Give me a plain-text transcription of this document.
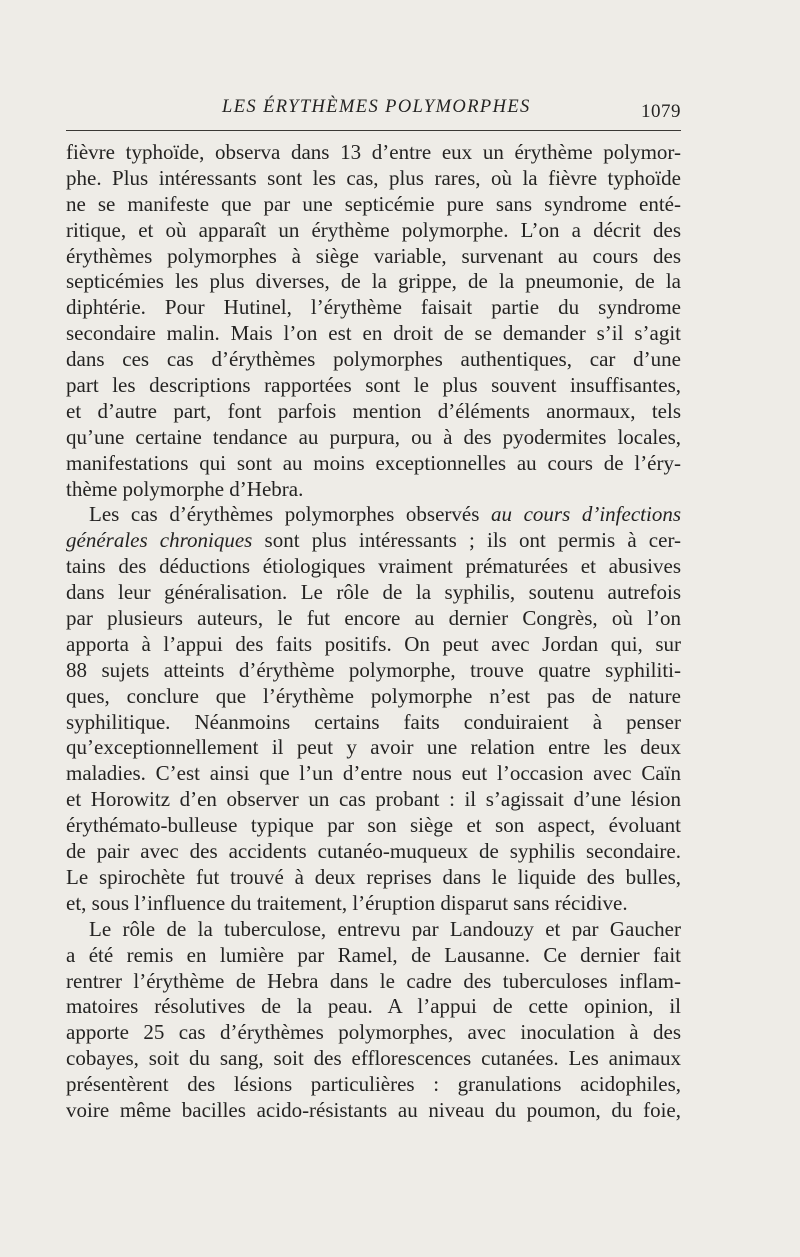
LES ÉRYTHÈMES POLYMORPHES	1079
fièvre typhoïde, observa dans 13 d’entre eux un érythème polymor-
phe. Plus intéressants sont les cas, plus rares, où la fièvre typhoïde
ne se manifeste que par une septicémie pure sans syndrome enté-
ritique, et où apparaît un érythème polymorphe. L’on a décrit des
érythèmes polymorphes à siège variable, survenant au cours des
septicémies les plus diverses, de la grippe, de la pneumonie, de la
diphtérie. Pour Hutinel, l’érythème faisait partie du syndrome
secondaire malin. Mais l’on est en droit de se demander s’il s’agit
dans ces cas d’érythèmes polymorphes authentiques, car d’une
part les descriptions rapportées sont le plus souvent insuffisantes,
et d’autre part, font parfois mention d’éléments anormaux, tels
qu’une certaine tendance au purpura, ou à des pyodermites locales,
manifestations qui sont au moins exceptionnelles au cours de l’éry-
thème polymorphe d’Hebra.
Les cas d’érythèmes polymorphes observés au cours d’infections
générales chroniques sont plus intéressants ; ils ont permis à cer-
tains des déductions étiologiques vraiment prématurées et abusives
dans leur généralisation. Le rôle de la syphilis, soutenu autrefois
par plusieurs auteurs, le fut encore au dernier Congrès, où l’on
apporta à l’appui des faits positifs. On peut avec Jordan qui, sur
88 sujets atteints d’érythème polymorphe, trouve quatre syphiliti-
ques, conclure que l’érythème polymorphe n’est pas de nature
syphilitique. Néanmoins certains faits conduiraient à penser
qu’exceptionnellement il peut y avoir une relation entre les deux
maladies. C’est ainsi que l’un d’entre nous eut l’occasion avec Caïn
et Horowitz d’en observer un cas probant : il s’agissait d’une lésion
érythémato-bulleuse typique par son siège et son aspect, évoluant
de pair avec des accidents cutanéo-muqueux de syphilis secondaire.
Le spirochète fut trouvé à deux reprises dans le liquide des bulles,
et, sous l’influence du traitement, l’éruption disparut sans récidive.
Le rôle de la tuberculose, entrevu par Landouzy et par Gaucher
a été remis en lumière par Ramel, de Lausanne. Ce dernier fait
rentrer l’érythème de Hebra dans le cadre des tuberculoses inflam-
matoires résolutives de la peau. A l’appui de cette opinion, il
apporte 25 cas d’érythèmes polymorphes, avec inoculation à des
cobayes, soit du sang, soit des efflorescences cutanées. Les animaux
présentèrent des lésions particulières : granulations acidophiles,
voire même bacilles acido-résistants au niveau du poumon, du foie,
